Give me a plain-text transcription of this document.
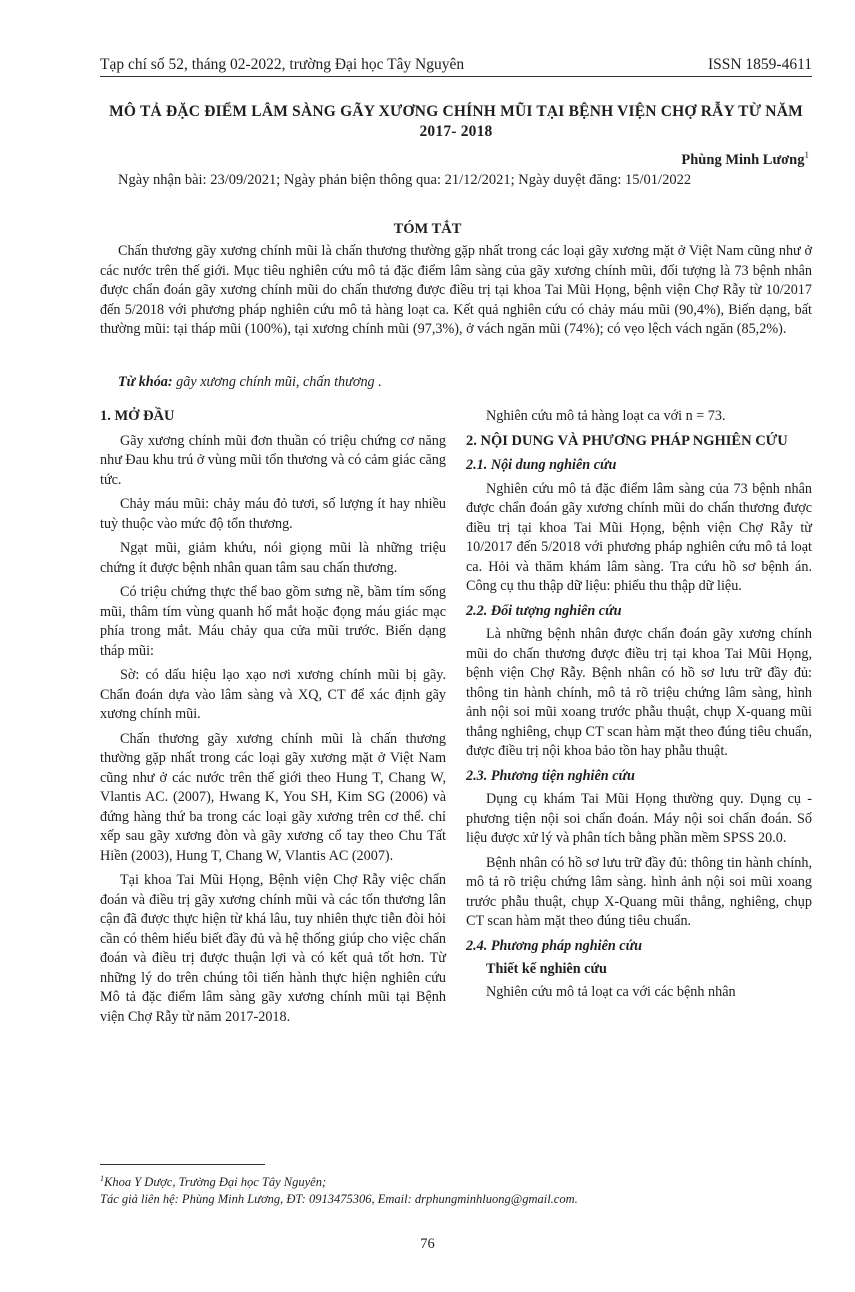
Tạp chí số 52, tháng 02-2022, trường Đại học Tây Nguyên	ISSN 1859-4611
MÔ TẢ ĐẶC ĐIỂM LÂM SÀNG GÃY XƯƠNG CHÍNH MŨI TẠI BỆNH VIỆN CHỢ RẪY TỪ NĂM 2017- 2018
Phùng Minh Lương$^1$
Ngày nhận bài: 23/09/2021; Ngày phản biện thông qua: 21/12/2021; Ngày duyệt đăng: 15/01/2022
TÓM TẮT

Chấn thương gãy xương chính mũi là chấn thương thường gặp nhất trong các loại gãy xương mặt ở Việt Nam cũng như ở các nước trên thế giới. Mục tiêu nghiên cứu mô tả đặc điểm lâm sàng của gãy xương chính mũi, đối tượng là 73 bệnh nhân được chẩn đoán gãy xương chính mũi do chấn thương được điều trị tại khoa Tai Mũi Họng, bệnh viện Chợ Rẫy từ 10/2017 đến 5/2018 với phương pháp nghiên cứu mô tả hàng loạt ca. Kết quả nghiên cứu có chảy máu mũi (90,4%), Biến dạng, bất thường mũi: tại tháp mũi (100%), tại xương chính mũi (97,3%), ở vách ngăn mũi (74%); có vẹo lệch vách ngăn (85,2%).

Từ khóa: gãy xương chính mũi, chấn thương .
1. MỞ ĐẦU

Gãy xương chính mũi đơn thuần có triệu chứng cơ năng như Đau khu trú ở vùng mũi tổn thương và có cảm giác căng tức.

Chảy máu mũi: chảy máu đỏ tươi, số lượng ít hay nhiều tuỳ thuộc vào mức độ tổn thương.

Ngạt mũi, giảm khứu, nói giọng mũi là những triệu chứng ít được bệnh nhân quan tâm sau chấn thương.

Có triệu chứng thực thể bao gồm sưng nề, bầm tím sống mũi, thâm tím vùng quanh hố mắt hoặc đọng máu giác mạc phía trong mắt. Máu chảy qua cửa mũi trước. Biến dạng tháp mũi:

Sờ: có dấu hiệu lạo xạo nơi xương chính mũi bị gãy. Chẩn đoán dựa vào lâm sàng và XQ, CT để xác định gãy xương chính mũi.

Chấn thương gãy xương chính mũi là chấn thương thường gặp nhất trong các loại gãy xương mặt ở Việt Nam cũng như ở các nước trên thế giới theo Hung T, Chang W, Vlantis AC. (2007), Hwang K, You SH, Kim SG (2006) và đứng hàng thứ ba trong các loại gãy xương trên cơ thể. chỉ xếp sau gãy xương đòn và gãy xương cổ tay theo Chu Tất Hiền (2003), Hung T, Chang W, Vlantis AC (2007).

Tại khoa Tai Mũi Họng, Bệnh viện Chợ Rẫy việc chẩn đoán và điều trị gãy xương chính mũi và các tổn thương lân cận đã được thực hiện từ khá lâu, tuy nhiên thực tiễn đòi hỏi cần có thêm hiểu biết đầy đủ và hệ thống giúp cho việc chẩn đoán và điều trị được thuận lợi và có kết quả tốt hơn. Từ những lý do trên chúng tôi tiến hành thực hiện nghiên cứu Mô tả đặc điểm lâm sàng gãy xương chính mũi tại Bệnh viện Chợ Rẫy từ năm 2017-2018.

Nghiên cứu mô tả hàng loạt ca với n = 73.

2. NỘI DUNG VÀ PHƯƠNG PHÁP NGHIÊN CỨU
2.1. Nội dung nghiên cứu

Nghiên cứu mô tả đặc điểm lâm sàng của 73 bệnh nhân được chẩn đoán gãy xương chính mũi do chấn thương được điều trị tại khoa Tai Mũi Họng, bệnh viện Chợ Rẫy từ 10/2017 đến 5/2018 với phương pháp nghiên cứu mô tả loạt ca. Hỏi và thăm khám lâm sàng. Tra cứu hồ sơ bệnh án. Công cụ thu thập dữ liệu: phiếu thu thập dữ liệu.

2.2. Đối tượng nghiên cứu

Là những bệnh nhân được chẩn đoán gãy xương chính mũi do chấn thương được điều trị tại khoa Tai Mũi Họng, bệnh viện Chợ Rẫy. Bệnh nhân có hồ sơ lưu trữ đầy đủ: thông tin hành chính, mô tả rõ triệu chứng lâm sàng, hình ảnh nội soi mũi xoang trước phẫu thuật, chụp X-quang mũi thẳng nghiêng, chụp CT scan hàm mặt theo đúng tiêu chuẩn, được điều trị nội khoa bảo tồn hay phẫu thuật.

2.3. Phương tiện nghiên cứu

Dụng cụ khám Tai Mũi Họng thường quy. Dụng cụ - phương tiện nội soi chẩn đoán. Máy nội soi chẩn đoán. Số liệu được xử lý và phân tích bằng phần mềm SPSS 20.0.

Bệnh nhân có hồ sơ lưu trữ đầy đủ: thông tin hành chính, mô tả rõ triệu chứng lâm sàng. hình ảnh nội soi mũi xoang trước phẫu thuật, chụp X-Quang mũi thẳng, nghiêng, chụp CT scan hàm mặt theo đúng tiêu chuẩn.

2.4. Phương pháp nghiên cứu
Thiết kế nghiên cứu

Nghiên cứu mô tả loạt ca với các bệnh nhân

$^1$Khoa Y Dược, Trường Đại học Tây Nguyên;
Tác giả liên hệ: Phùng Minh Lương, ĐT: 0913475306, Email: drphungminhluong@gmail.com.
76
